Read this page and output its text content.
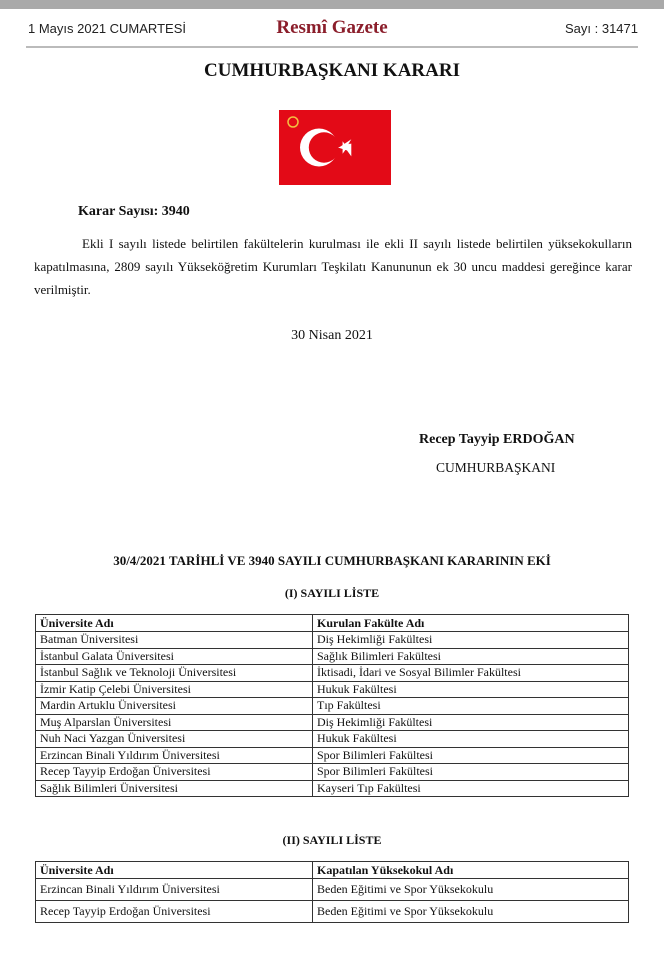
1 Mayıs 2021 CUMARTESİ	Resmî Gazete	Sayı : 31471
CUMHURBAŞKANI KARARI
Karar Sayısı: 3940
Ekli I sayılı listede belirtilen fakültelerin kurulması ile ekli II sayılı listede belirtilen yüksekokulların kapatılmasına, 2809 sayılı Yükseköğretim Kurumları Teşkilatı Kanununun ek 30 uncu maddesi gereğince karar verilmiştir.
30 Nisan 2021
Recep Tayyip ERDOĞAN
CUMHURBAŞKANI
30/4/2021 TARİHLİ VE 3940 SAYILI CUMHURBAŞKANI KARARININ EKİ
(I) SAYILI LİSTE
Üniversite Adı	Kurulan Fakülte Adı
Batman Üniversitesi	Diş Hekimliği Fakültesi
İstanbul Galata Üniversitesi	Sağlık Bilimleri Fakültesi
İstanbul Sağlık ve Teknoloji Üniversitesi	İktisadi, İdari ve Sosyal Bilimler Fakültesi
İzmir Katip Çelebi Üniversitesi	Hukuk Fakültesi
Mardin Artuklu Üniversitesi	Tıp Fakültesi
Muş Alparslan Üniversitesi	Diş Hekimliği Fakültesi
Nuh Naci Yazgan Üniversitesi	Hukuk Fakültesi
Erzincan Binali Yıldırım Üniversitesi	Spor Bilimleri Fakültesi
Recep Tayyip Erdoğan Üniversitesi	Spor Bilimleri Fakültesi
Sağlık Bilimleri Üniversitesi	Kayseri Tıp Fakültesi
(II) SAYILI LİSTE
Üniversite Adı	Kapatılan Yüksekokul Adı
Erzincan Binali Yıldırım Üniversitesi	Beden Eğitimi ve Spor Yüksekokulu
Recep Tayyip Erdoğan Üniversitesi	Beden Eğitimi ve Spor Yüksekokulu
